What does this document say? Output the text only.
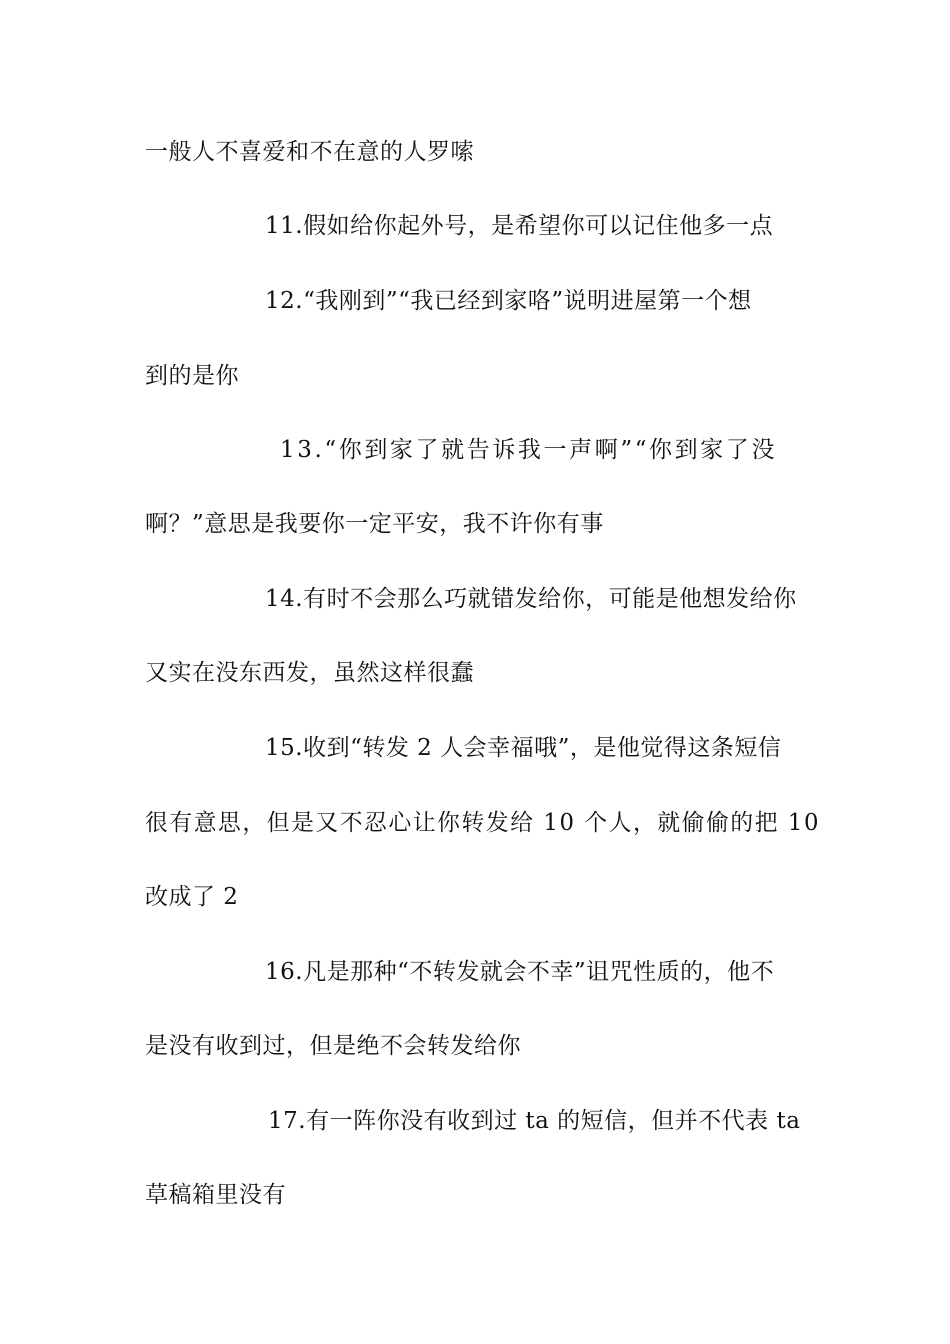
一般人不喜爱和不在意的人罗嗦
11.假如给你起外号，是希望你可以记住他多一点
12.“我刚到”“我已经到家咯”说明进屋第一个想
到的是你
13.“你到家了就告诉我一声啊”“你到家了没
啊？”意思是我要你一定平安，我不许你有事
14.有时不会那么巧就错发给你，可能是他想发给你
又实在没东西发，虽然这样很蠢
15.收到“转发 2 人会幸福哦”，是他觉得这条短信
很有意思，但是又不忍心让你转发给 10 个人，就偷偷的把 10
改成了 2
16.凡是那种“不转发就会不幸”诅咒性质的，他不
是没有收到过，但是绝不会转发给你
17.有一阵你没有收到过 ta 的短信，但并不代表 ta
草稿箱里没有
